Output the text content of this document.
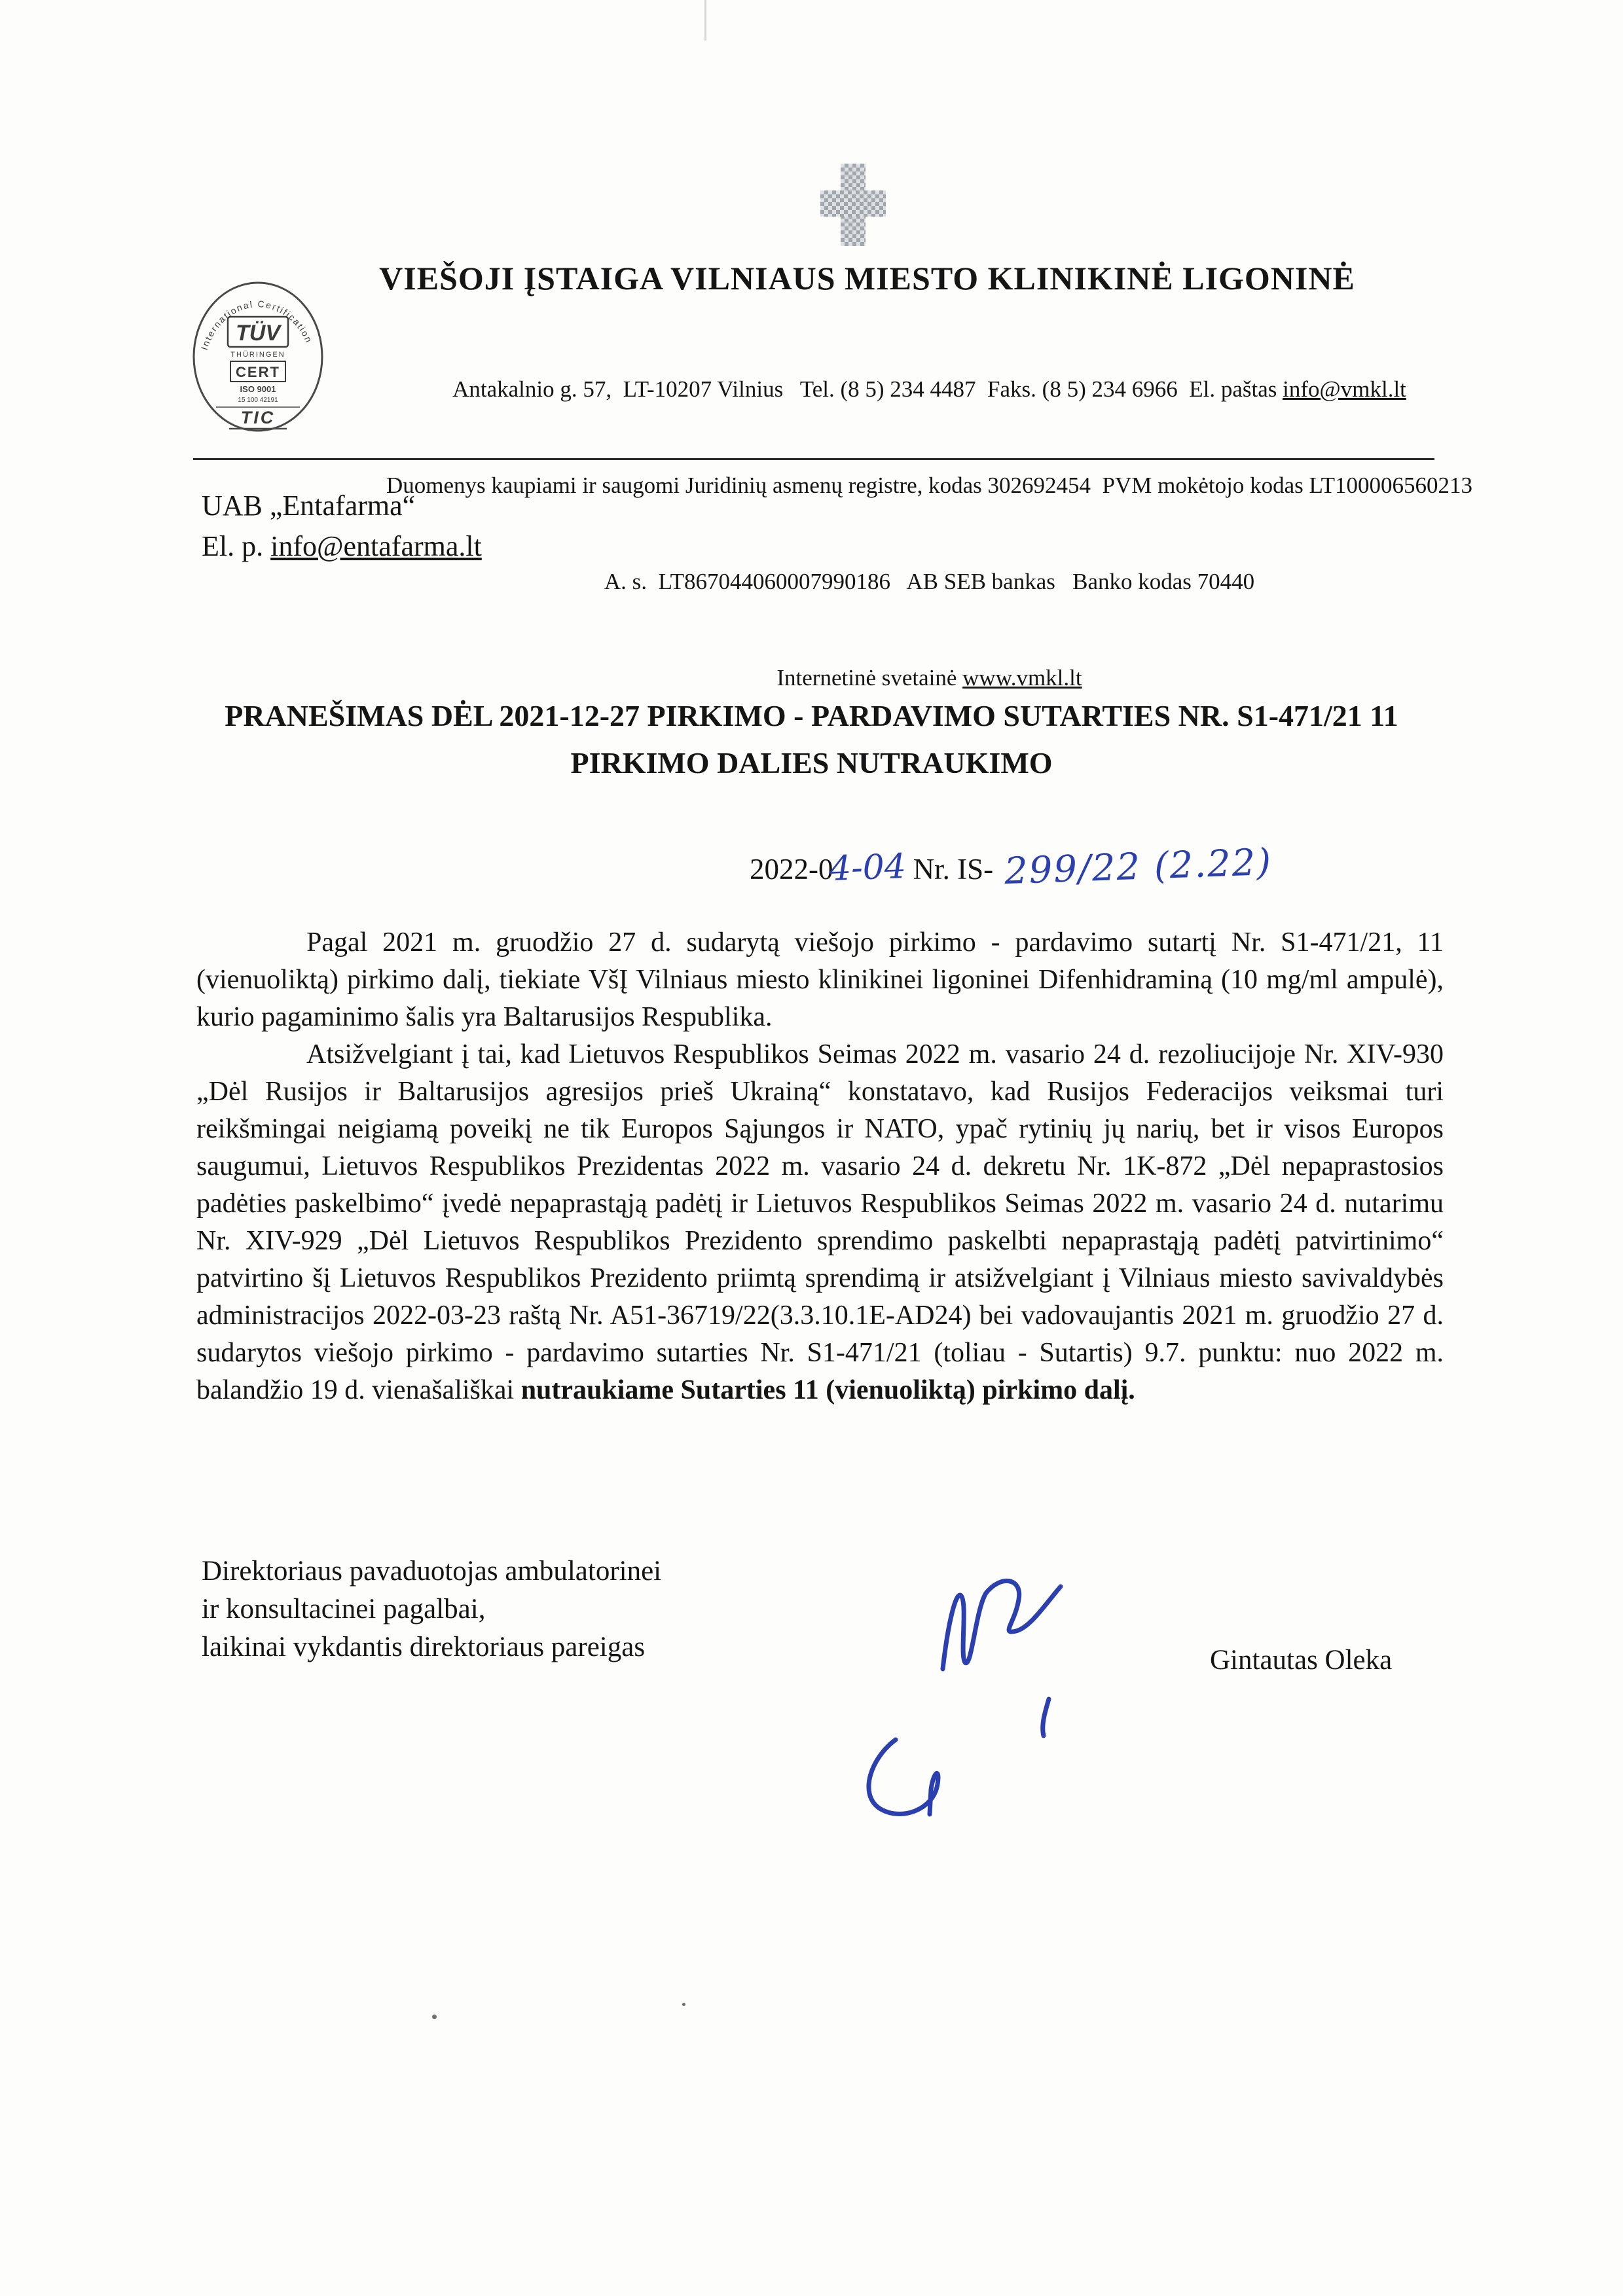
VIEŠOJI ĮSTAIGA VILNIAUS MIESTO KLINIKINĖ LIGONINĖ
International Certification
TÜV
THÜRINGEN
CERT
ISO 9001
15 100 42191
TIC

Antakalnio g. 57,  LT-10207 Vilnius   Tel. (8 5) 234 4487  Faks. (8 5) 234 6966  El. paštas info@vmkl.lt

Duomenys kaupiami ir saugomi Juridinių asmenų registre, kodas 302692454  PVM mokėtojo kodas LT100006560213

A. s.  LT867044060007990186   AB SEB bankas   Banko kodas 70440

Internetinė svetainė www.vmkl.lt

UAB „Entafarma“
El. p. info@entafarma.lt
PRANEŠIMAS DĖL 2021-12-27 PIRKIMO - PARDAVIMO SUTARTIES NR. S1-471/21 11
PIRKIMO DALIES NUTRAUKIMO

2022-04-04 Nr. IS- 299/22 (2.22)

Pagal 2021 m. gruodžio 27 d. sudarytą viešojo pirkimo - pardavimo sutartį Nr. S1-471/21, 11 (vienuoliktą) pirkimo dalį, tiekiate VšĮ Vilniaus miesto klinikinei ligoninei Difenhidraminą (10 mg/ml ampulė), kurio pagaminimo šalis yra Baltarusijos Respublika.

Atsižvelgiant į tai, kad Lietuvos Respublikos Seimas 2022 m. vasario 24 d. rezoliucijoje Nr. XIV-930 „Dėl Rusijos ir Baltarusijos agresijos prieš Ukrainą“ konstatavo, kad Rusijos Federacijos veiksmai turi reikšmingai neigiamą poveikį ne tik Europos Sąjungos ir NATO, ypač rytinių jų narių, bet ir visos Europos saugumui, Lietuvos Respublikos Prezidentas 2022 m. vasario 24 d. dekretu Nr. 1K-872 „Dėl nepaprastosios padėties paskelbimo“ įvedė nepaprastąją padėtį ir Lietuvos Respublikos Seimas 2022 m. vasario 24 d. nutarimu Nr. XIV-929 „Dėl Lietuvos Respublikos Prezidento sprendimo paskelbti nepaprastąją padėtį patvirtinimo“ patvirtino šį Lietuvos Respublikos Prezidento priimtą sprendimą ir atsižvelgiant į Vilniaus miesto savivaldybės administracijos 2022-03-23 raštą Nr. A51-36719/22(3.3.10.1E-AD24) bei vadovaujantis 2021 m. gruodžio 27 d. sudarytos viešojo pirkimo - pardavimo sutarties Nr. S1-471/21 (toliau - Sutartis) 9.7. punktu: nuo 2022 m. balandžio 19 d. vienašališkai nutraukiame Sutarties 11 (vienuoliktą) pirkimo dalį.

Direktoriaus pavaduotojas ambulatorinei
ir konsultacinei pagalbai,
laikinai vykdantis direktoriaus pareigas	Gintautas Oleka
